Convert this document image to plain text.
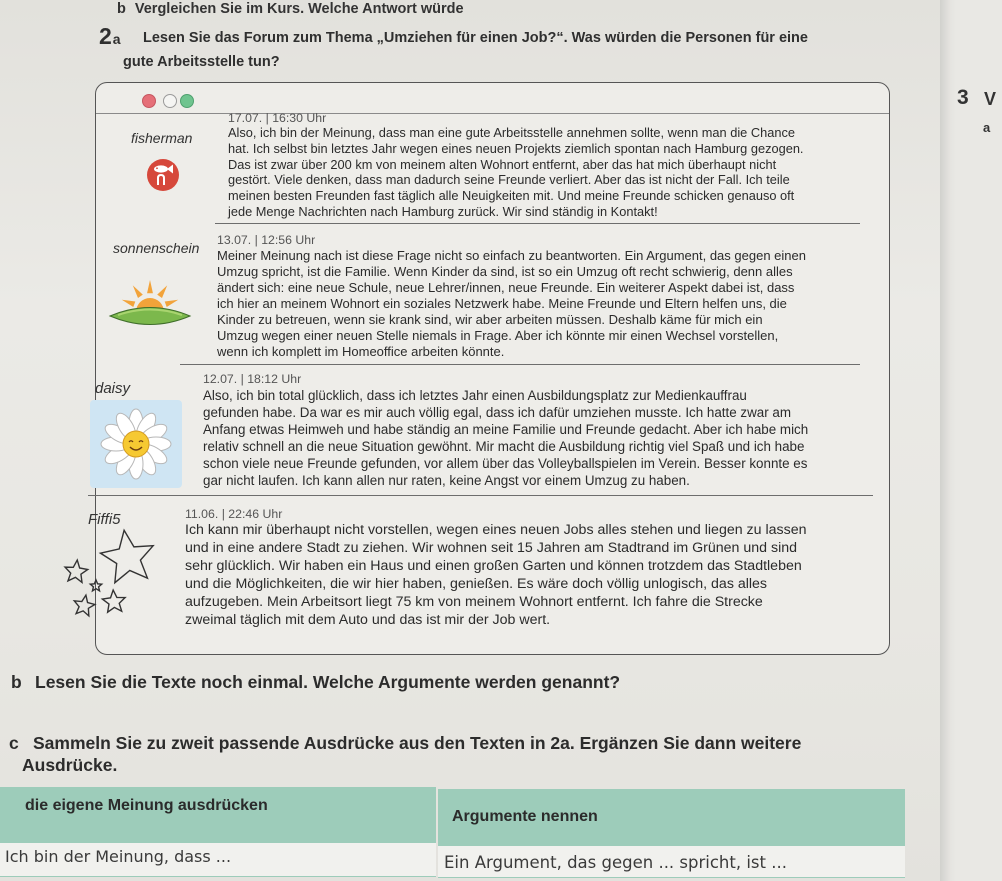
3 V
a
b Vergleichen Sie im Kurs. Welche Antwort würde
2a Lesen Sie das Forum zum Thema „Umziehen für einen Job?“. Was würden die Personen für eine
gute Arbeitsstelle tun?
fisherman
17.07. | 16:30 Uhr
Also, ich bin der Meinung, dass man eine gute Arbeitsstelle annehmen sollte, wenn man die Chance
hat. Ich selbst bin letztes Jahr wegen eines neuen Projekts ziemlich spontan nach Hamburg gezogen.
Das ist zwar über 200 km von meinem alten Wohnort entfernt, aber das hat mich überhaupt nicht
gestört. Viele denken, dass man dadurch seine Freunde verliert. Aber das ist nicht der Fall. Ich teile
meinen besten Freunden fast täglich alle Neuigkeiten mit. Und meine Freunde schicken genauso oft
jede Menge Nachrichten nach Hamburg zurück. Wir sind ständig in Kontakt!
sonnenschein 13.07. | 12:56 Uhr
Meiner Meinung nach ist diese Frage nicht so einfach zu beantworten. Ein Argument, das gegen einen
Umzug spricht, ist die Familie. Wenn Kinder da sind, ist so ein Umzug oft recht schwierig, denn alles
ändert sich: eine neue Schule, neue Lehrer/innen, neue Freunde. Ein weiterer Aspekt dabei ist, dass
ich hier an meinem Wohnort ein soziales Netzwerk habe. Meine Freunde und Eltern helfen uns, die
Kinder zu betreuen, wenn sie krank sind, wir aber arbeiten müssen. Deshalb käme für mich ein
Umzug wegen einer neuen Stelle niemals in Frage. Aber ich könnte mir einen Wechsel vorstellen,
wenn ich komplett im Homeoffice arbeiten könnte.
daisy
12.07. | 18:12 Uhr
Also, ich bin total glücklich, dass ich letztes Jahr einen Ausbildungsplatz zur Medienkauffrau
gefunden habe. Da war es mir auch völlig egal, dass ich dafür umziehen musste. Ich hatte zwar am
Anfang etwas Heimweh und habe ständig an meine Familie und Freunde gedacht. Aber ich habe mich
relativ schnell an die neue Situation gewöhnt. Mir macht die Ausbildung richtig viel Spaß und ich habe
schon viele neue Freunde gefunden, vor allem über das Volleyballspielen im Verein. Besser konnte es
gar nicht laufen. Ich kann allen nur raten, keine Angst vor einem Umzug zu haben.
Fiffi5	11.06. | 22:46 Uhr
Ich kann mir überhaupt nicht vorstellen, wegen eines neuen Jobs alles stehen und liegen zu lassen
und in eine andere Stadt zu ziehen. Wir wohnen seit 15 Jahren am Stadtrand im Grünen und sind
sehr glücklich. Wir haben ein Haus und einen großen Garten und können trotzdem das Stadtleben
und die Möglichkeiten, die wir hier haben, genießen. Es wäre doch völlig unlogisch, das alles
aufzugeben. Mein Arbeitsort liegt 75 km von meinem Wohnort entfernt. Ich fahre die Strecke
zweimal täglich mit dem Auto und das ist mir der Job wert.
b Lesen Sie die Texte noch einmal. Welche Argumente werden genannt?
c Sammeln Sie zu zweit passende Ausdrücke aus den Texten in 2a. Ergänzen Sie dann weitere
Ausdrücke.
die eigene Meinung ausdrücken
Argumente nennen
Ich bin der Meinung, dass ...	Ein Argument, das gegen ... spricht, ist ...
